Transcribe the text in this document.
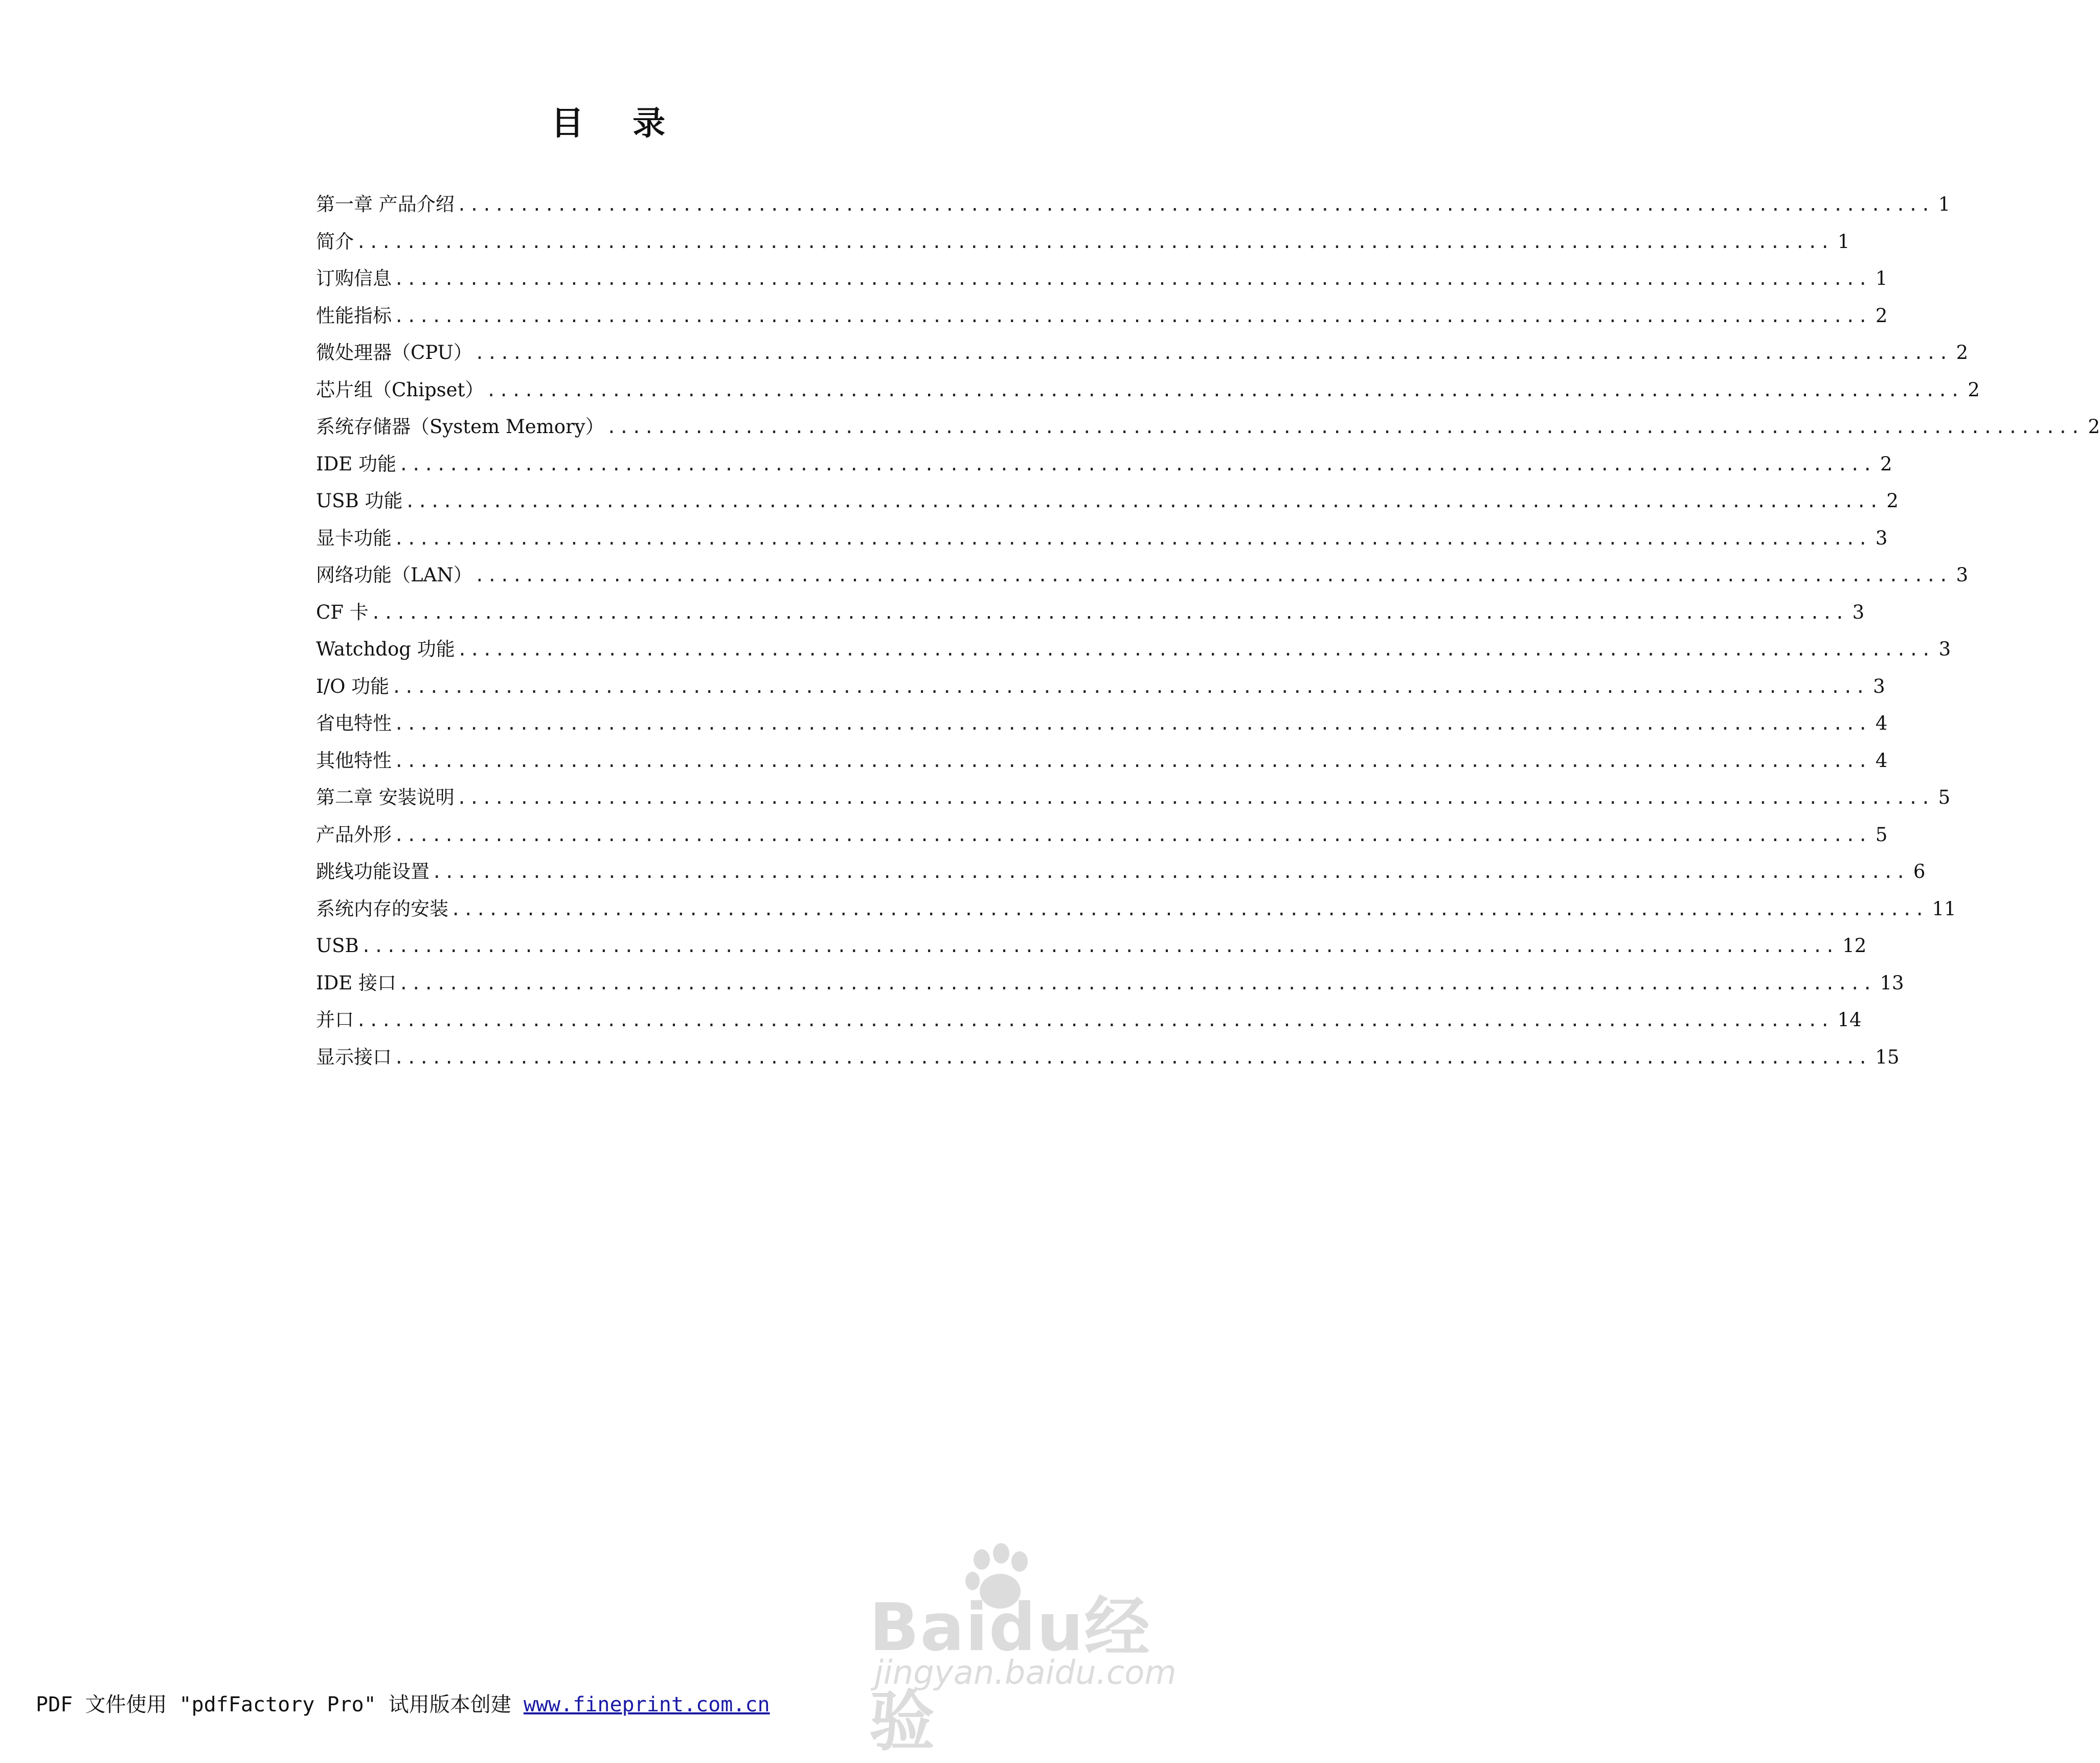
目    录
第一章 产品介绍 ...................................................................................................................... 1
简介 ...................................................................................................................... 1
订购信息 ...................................................................................................................... 1
性能指标 ...................................................................................................................... 2
微处理器（CPU） ...................................................................................................................... 2
芯片组（Chipset） ...................................................................................................................... 2
系统存储器（System Memory） ...................................................................................................................... 2
IDE 功能 ...................................................................................................................... 2
USB 功能 ...................................................................................................................... 2
显卡功能 ...................................................................................................................... 3
网络功能（LAN） ...................................................................................................................... 3
CF 卡 ...................................................................................................................... 3
Watchdog 功能 ...................................................................................................................... 3
I/O 功能 ...................................................................................................................... 3
省电特性 ...................................................................................................................... 4
其他特性 ...................................................................................................................... 4
第二章 安装说明 ...................................................................................................................... 5
产品外形 ...................................................................................................................... 5
跳线功能设置 ...................................................................................................................... 6
系统内存的安装 ...................................................................................................................... 11
USB ...................................................................................................................... 12
IDE 接口 ...................................................................................................................... 13
并口 ...................................................................................................................... 14
显示接口 ...................................................................................................................... 15
PDF 文件使用 "pdfFactory Pro" 试用版本创建 www.fineprint.com.cn
Baidu经验
jingyan.baidu.com
